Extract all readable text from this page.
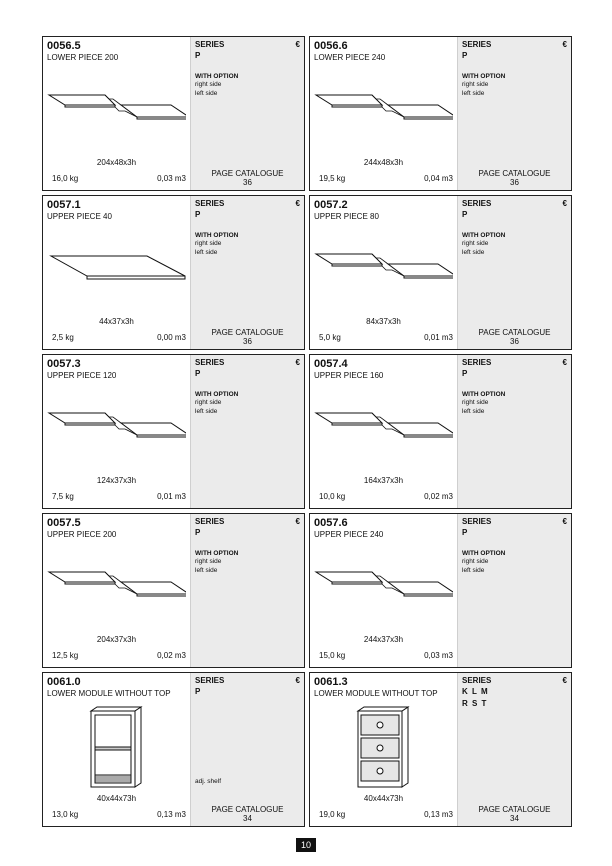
0056.5
LOWER PIECE 200
204x48x3h
16,0 kg	0,03 m3
SERIES	€
P
WITH OPTION
right side
left side
PAGE CATALOGUE
36
0056.6
LOWER PIECE 240
244x48x3h
19,5 kg	0,04 m3
SERIES	€
P
WITH OPTION
right side
left side
PAGE CATALOGUE
36
0057.1
UPPER PIECE 40
44x37x3h
2,5 kg	0,00 m3
SERIES	€
P
WITH OPTION
right side
left side
PAGE CATALOGUE
36
0057.2
UPPER PIECE 80
84x37x3h
5,0 kg	0,01 m3
SERIES	€
P
WITH OPTION
right side
left side
PAGE CATALOGUE
36
0057.3
UPPER PIECE 120
124x37x3h
7,5 kg	0,01 m3
SERIES	€
P
WITH OPTION
right side
left side
0057.4
UPPER PIECE 160
164x37x3h
10,0 kg	0,02 m3
SERIES	€
P
WITH OPTION
right side
left side
0057.5
UPPER PIECE 200
204x37x3h
12,5 kg	0,02 m3
SERIES	€
P
WITH OPTION
right side
left side
0057.6
UPPER PIECE 240
244x37x3h
15,0 kg	0,03 m3
SERIES	€
P
WITH OPTION
right side
left side
0061.0
LOWER MODULE WITHOUT TOP
40x44x73h
13,0 kg	0,13 m3
SERIES	€
P
adj. shelf
PAGE CATALOGUE
34
0061.3
LOWER MODULE WITHOUT TOP
40x44x73h
19,0 kg	0,13 m3
SERIES	€
K L M
R S T
PAGE CATALOGUE
34
10
